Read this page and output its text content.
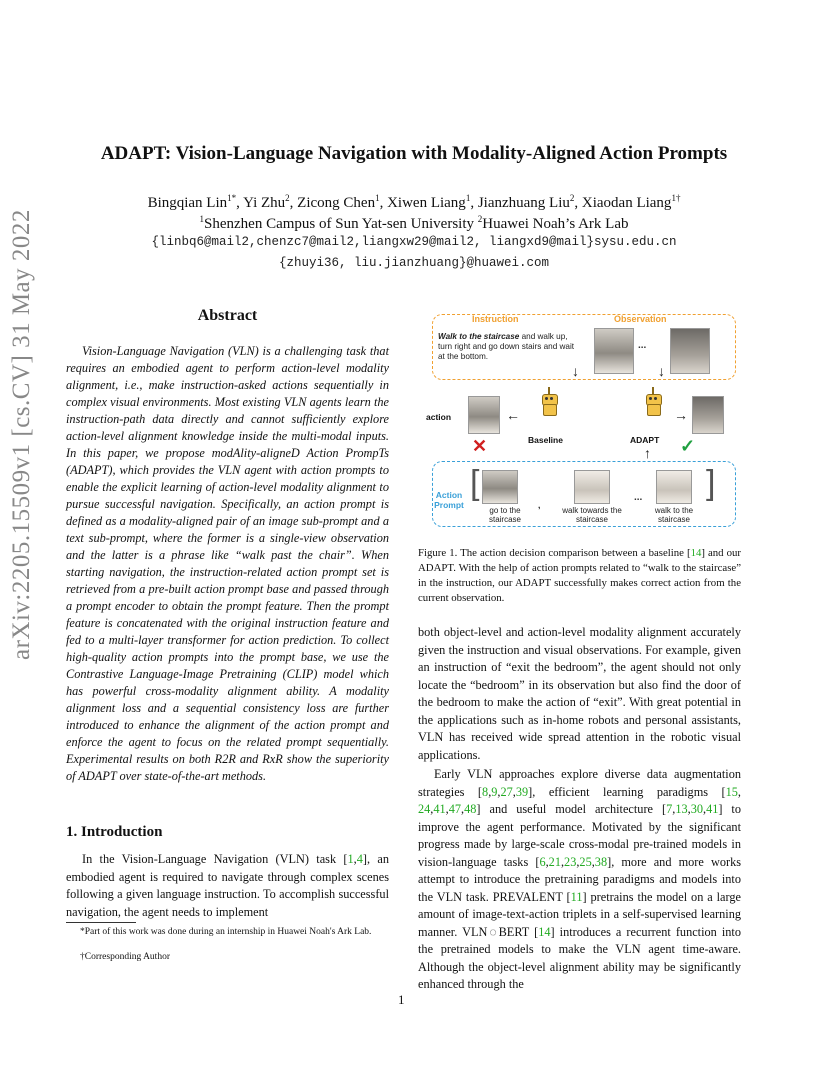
arXiv:2205.15509v1 [cs.CV] 31 May 2022
ADAPT: Vision-Language Navigation with Modality-Aligned Action Prompts
Bingqian Lin$^{1*}$, Yi Zhu$^2$, Zicong Chen$^1$, Xiwen Liang$^1$, Jianzhuang Liu$^2$, Xiaodan Liang$^{1\dagger}$
$^1$Shenzhen Campus of Sun Yat-sen University $^2$Huawei Noah’s Ark Lab
{linbq6@mail2,chenzc7@mail2,liangxw29@mail2, liangxd9@mail}sysu.edu.cn
{zhuyi36, liu.jianzhuang}@huawei.com
Abstract
Vision-Language Navigation (VLN) is a challenging task that requires an embodied agent to perform action-level modality alignment, i.e., make instruction-asked actions sequentially in complex visual environments. Most existing VLN agents learn the instruction-path data directly and cannot sufficiently explore action-level alignment knowledge inside the multi-modal inputs. In this paper, we propose modAlity-aligneD Action PrompTs (ADAPT), which provides the VLN agent with action prompts to enable the explicit learning of action-level modality alignment to pursue successful navigation. Specifically, an action prompt is defined as a modality-aligned pair of an image sub-prompt and a text sub-prompt, where the former is a single-view observation and the latter is a phrase like “walk past the chair”. When starting navigation, the instruction-related action prompt set is retrieved from a pre-built action prompt base and passed through a prompt encoder to obtain the prompt feature. Then the prompt feature is concatenated with the original instruction feature and fed to a multi-layer transformer for action prediction. To collect high-quality action prompts into the prompt base, we use the Contrastive Language-Image Pretraining (CLIP) model which has powerful cross-modality alignment ability. A modality alignment loss and a sequential consistency loss are further introduced to enhance the alignment of the action prompt and enforce the agent to focus on the related prompt sequentially. Experimental results on both R2R and RxR show the superiority of ADAPT over state-of-the-art methods.
1. Introduction
In the Vision-Language Navigation (VLN) task [1,4], an embodied agent is required to navigate through complex scenes following a given language instruction. To accomplish successful navigation, the agent needs to implement
*Part of this work was done during an internship in Huawei Noah's Ark Lab.
†Corresponding Author
Instruction	Observation
Walk to the staircase and walk up, turn right and go down stairs and wait at the bottom.
...
↓
↓
action	←	→
Baseline	ADAPT
✕	✓
↑
Action Prompt
[
go to the staircase
,
walk towards the staircase
...
walk to the staircase
]
Figure 1. The action decision comparison between a baseline [14] and our ADAPT. With the help of action prompts related to “walk to the staircase” in the instruction, our ADAPT successfully makes correct action from the current observation.
both object-level and action-level modality alignment accurately given the instruction and visual observations. For example, given an instruction of “exit the bedroom”, the agent should not only locate the “bedroom” in its observation but also find the door of the bedroom to make the action of “exit”. With great potential in the applications such as in-home robots and personal assistants, VLN has received wide spread attention in the robotic visual applications.
Early VLN approaches explore diverse data augmentation strategies [8,9,27,39], efficient learning paradigms [15, 24,41,47,48] and useful model architecture [7,13,30,41] to improve the agent performance. Motivated by the significant progress made by large-scale cross-modal pre-trained models in vision-language tasks [6,21,23,25,38], more and more works attempt to introduce the pretraining paradigms and models into the VLN task. PREVALENT [11] pretrains the model on a large amount of image-text-action triplets in a self-supervised learning manner. VLN◌BERT [14] introduces a recurrent function into the pretrained models to make the VLN agent time-aware. Although the object-level alignment ability may be significantly enhanced through the
1
